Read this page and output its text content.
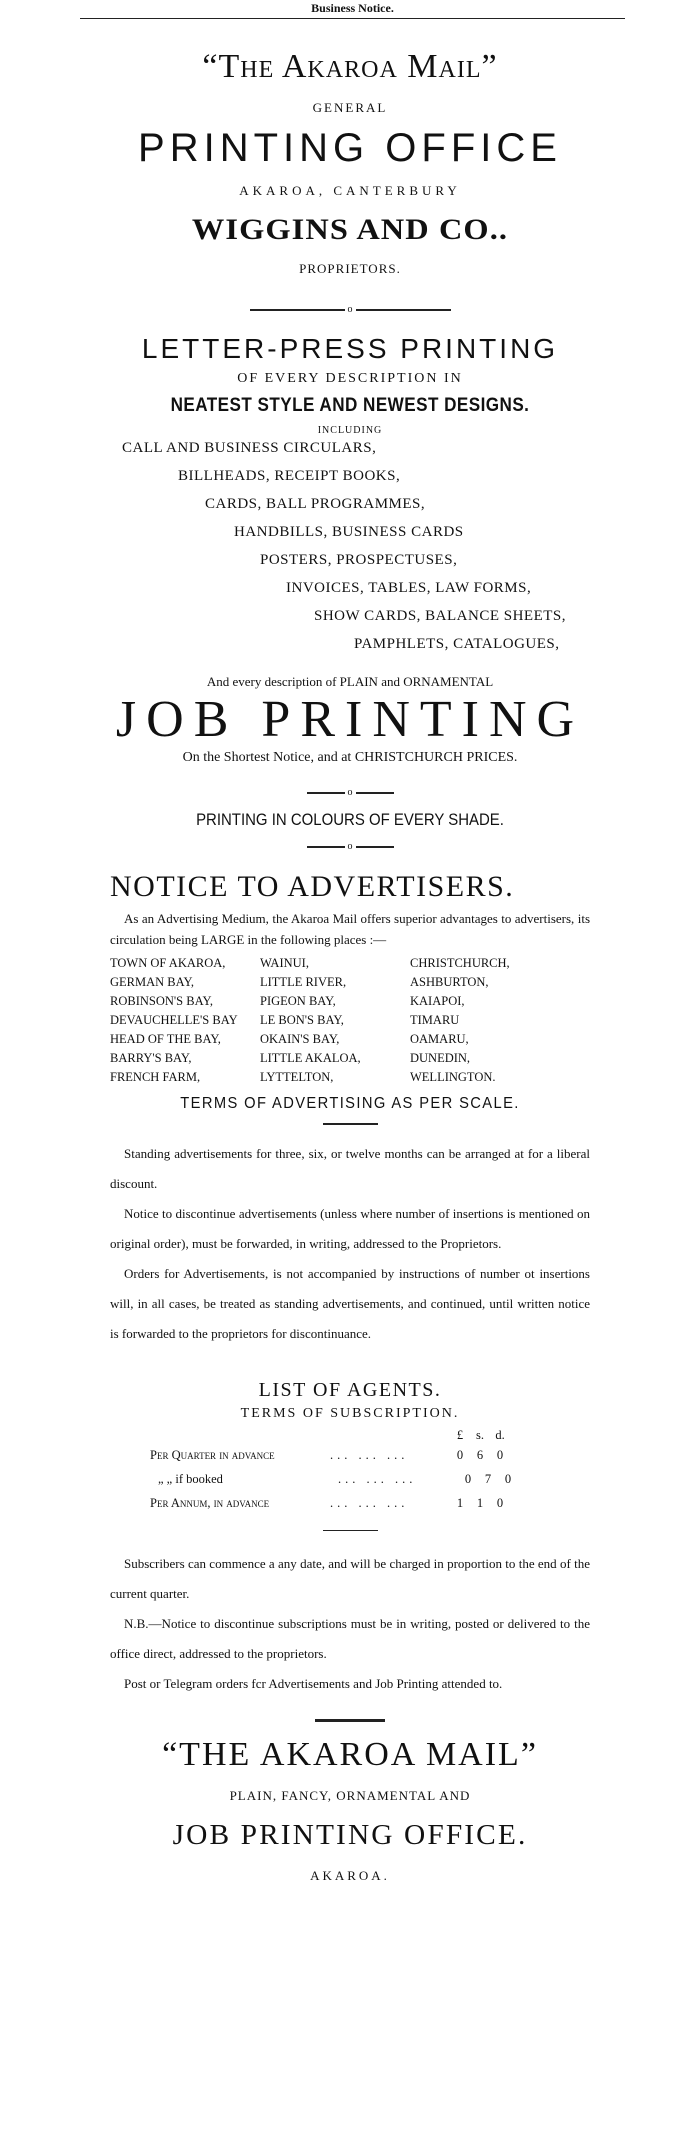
Business Notice.
“The Akaroa Mail”
GENERAL
PRINTING OFFICE
AKAROA, CANTERBURY
WIGGINS AND CO..
PROPRIETORS.
o
LETTER-PRESS PRINTING
OF EVERY DESCRIPTION IN
NEATEST STYLE AND NEWEST DESIGNS.
INCLUDING
CALL AND BUSINESS CIRCULARS,
BILLHEADS, RECEIPT BOOKS,
CARDS, BALL PROGRAMMES,
HANDBILLS, BUSINESS CARDS
POSTERS, PROSPECTUSES,
INVOICES, TABLES, LAW FORMS,
SHOW CARDS, BALANCE SHEETS,
PAMPHLETS, CATALOGUES,
And every description of PLAIN and ORNAMENTAL
JOB PRINTING
On the Shortest Notice, and at CHRISTCHURCH PRICES.
o
PRINTING IN COLOURS OF EVERY SHADE.
o
NOTICE TO ADVERTISERS.
As an Advertising Medium, the Akaroa Mail offers superior advantages to advertisers, its circulation being LARGE in the following places :—
TOWN OF AKAROA,	WAINUI,	CHRISTCHURCH,
GERMAN BAY,	LITTLE RIVER,	ASHBURTON,
ROBINSON'S BAY,	PIGEON BAY,	KAIAPOI,
DEVAUCHELLE'S BAY	LE BON'S BAY,	TIMARU
HEAD OF THE BAY,	OKAIN'S BAY,	OAMARU,
BARRY'S BAY,	LITTLE AKALOA,	DUNEDIN,
FRENCH FARM,	LYTTELTON,	WELLINGTON.
TERMS OF ADVERTISING AS PER SCALE.
Standing advertisements for three, six, or twelve months can be arranged at for a liberal discount.
Notice to discontinue advertisements (unless where number of insertions is mentioned on original order), must be forwarded, in writing, addressed to the Proprietors.
Orders for Advertisements, is not accompanied by instructions of number ot insertions will, in all cases, be treated as standing advertisements, and continued, until written notice is forwarded to the proprietors for discontinuance.
LIST OF AGENTS.
TERMS OF SUBSCRIPTION.
£	s. d.
Per Quarter in advance	... ... ...	0	6	0
„ „ if booked	... ... ...	0	7	0
Per Annum, in advance	... ... ...	1	1	0
Subscribers can commence a any date, and will be charged in proportion to the end of the current quarter.
N.B.—Notice to discontinue subscriptions must be in writing, posted or delivered to the office direct, addressed to the proprietors.
Post or Telegram orders fcr Advertisements and Job Printing attended to.
“THE AKAROA MAIL”
PLAIN, FANCY, ORNAMENTAL AND
JOB PRINTING OFFICE.
AKAROA.
